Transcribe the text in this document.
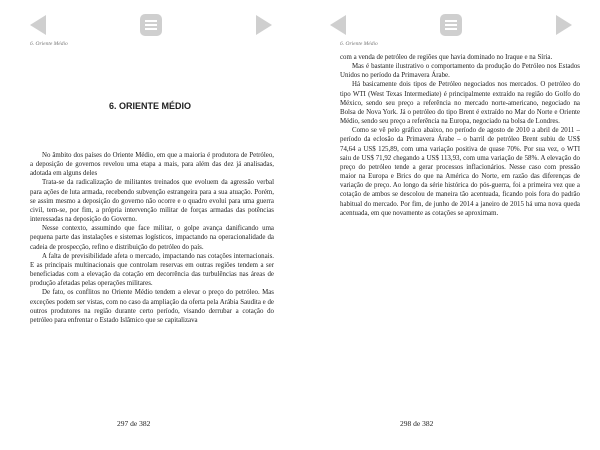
6. Oriente Médio
6. ORIENTE MÉDIO

No âmbito dos países do Oriente Médio, em que a maioria é produtora de Petróleo, a deposição de governos revelou uma etapa a mais, para além das dez já analisadas, adotada em alguns deles

Trata-se da radicalização de militantes treinados que evoluem da agressão verbal para ações de luta armada, recebendo subvenção estrangeira para a sua atuação. Porém, se assim mesmo a deposição do governo não ocorre e o quadro evolui para uma guerra civil, tem-se, por fim, a própria intervenção militar de forças armadas das potências interessadas na deposição do Governo.

Nesse contexto, assumindo que face militar, o golpe avança danificando uma pequena parte das instalações e sistemas logísticos, impactando na operacionalidade da cadeia de prospecção, refino e distribuição do petróleo do país.

A falta de previsibilidade afeta o mercado, impactando nas cotações internacionais. E as principais multinacionais que controlam reservas em outras regiões tendem a ser beneficiadas com a elevação da cotação em decorrência das turbulências nas áreas de produção afetadas pelas operações militares.

De fato, os conflitos no Oriente Médio tendem a elevar o preço do petróleo. Mas exceções podem ser vistas, com no caso da ampliação da oferta pela Arábia Saudita e de outros produtores na região durante certo período, visando derrubar a cotação do petróleo para enfrentar o Estado Islâmico que se capitalizava

297 de 382
6. Oriente Médio

com a venda de petróleo de regiões que havia dominado no Iraque e na Síria.

Mas é bastante ilustrativo o comportamento da produção do Petróleo nos Estados Unidos no período da Primavera Árabe.

Há basicamente dois tipos de Petróleo negociados nos mercados. O petróleo do tipo WTI (West Texas Intermediate) é principalmente extraído na região do Golfo do México, sendo seu preço a referência no mercado norte-americano, negociado na Bolsa de Nova York. Já o petróleo do tipo Brent é extraído no Mar do Norte e Oriente Médio, sendo seu preço a referência na Europa, negociado na bolsa de Londres.

Como se vê pelo gráfico abaixo, no período de agosto de 2010 a abril de 2011 – período da eclosão da Primavera Árabe – o barril de petróleo Brent subiu de US$ 74,64 a US$ 125,89, com uma variação positiva de quase 70%. Por sua vez, o WTI saiu de US$ 71,92 chegando a US$ 113,93, com uma variação de 58%. A elevação do preço do petróleo tende a gerar processos inflacionários. Nesse caso com pressão maior na Europa e Brics do que na América do Norte, em razão das diferenças de variação de preço. Ao longo da série histórica do pós-guerra, foi a primeira vez que a cotação de ambos se descolou de maneira tão acentuada, ficando pois fora do padrão habitual do mercado. Por fim, de junho de 2014 a janeiro de 2015 há uma nova queda acentuada, em que novamente as cotações se aproximam.

298 de 382
